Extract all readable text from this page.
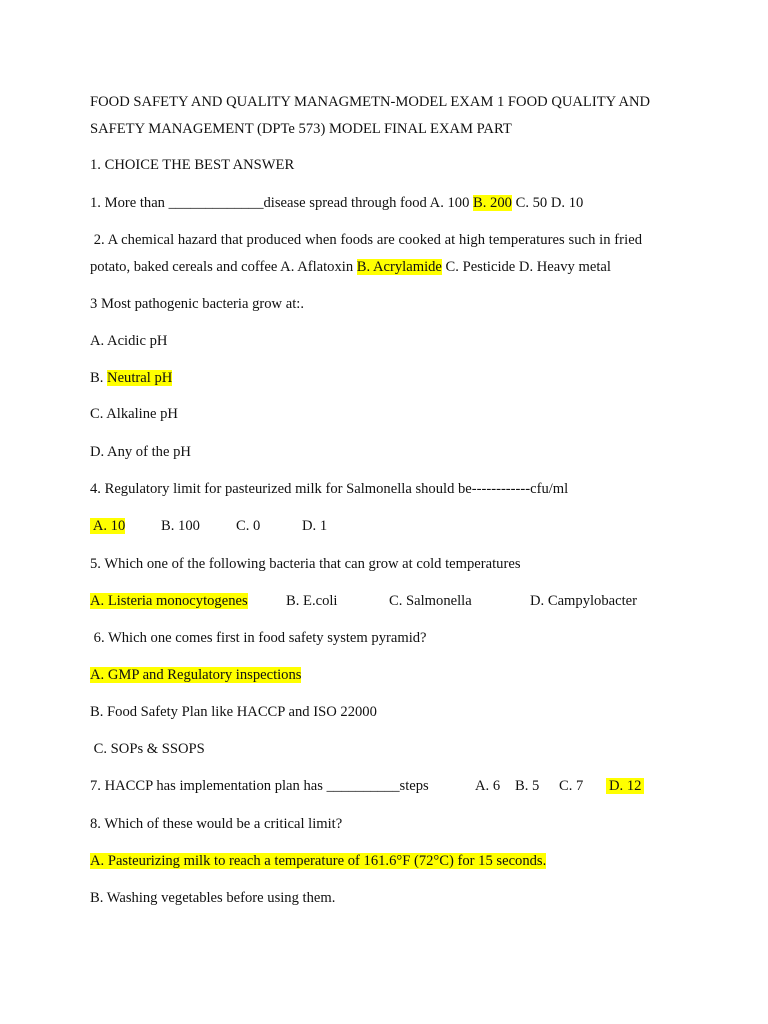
FOOD SAFETY AND QUALITY MANAGMETN-MODEL EXAM 1 FOOD QUALITY AND
SAFETY MANAGEMENT (DPTe 573) MODEL FINAL EXAM PART
1. CHOICE THE BEST ANSWER
1. More than _____________disease spread through food A. 100 B. 200 C. 50 D. 10
2. A chemical hazard that produced when foods are cooked at high temperatures such in fried
potato, baked cereals and coffee A. Aflatoxin B. Acrylamide C. Pesticide D. Heavy metal
3 Most pathogenic bacteria grow at:.
A. Acidic pH
B. Neutral pH
C. Alkaline pH
D. Any of the pH
4. Regulatory limit for pasteurized milk for Salmonella should be------------cfu/ml
A. 10 B. 100 C. 0	D. 1
5. Which one of the following bacteria that can grow at cold temperatures
A. Listeria monocytogenes	B. E.coli	C. Salmonella	D. Campylobacter
6. Which one comes first in food safety system pyramid?
A. GMP and Regulatory inspections
B. Food Safety Plan like HACCP and ISO 22000
C. SOPs & SSOPS
7. HACCP has implementation plan has __________steps	A. 6 B. 5 C. 7 D. 12
8. Which of these would be a critical limit?
A. Pasteurizing milk to reach a temperature of 161.6°F (72°C) for 15 seconds.
B. Washing vegetables before using them.
